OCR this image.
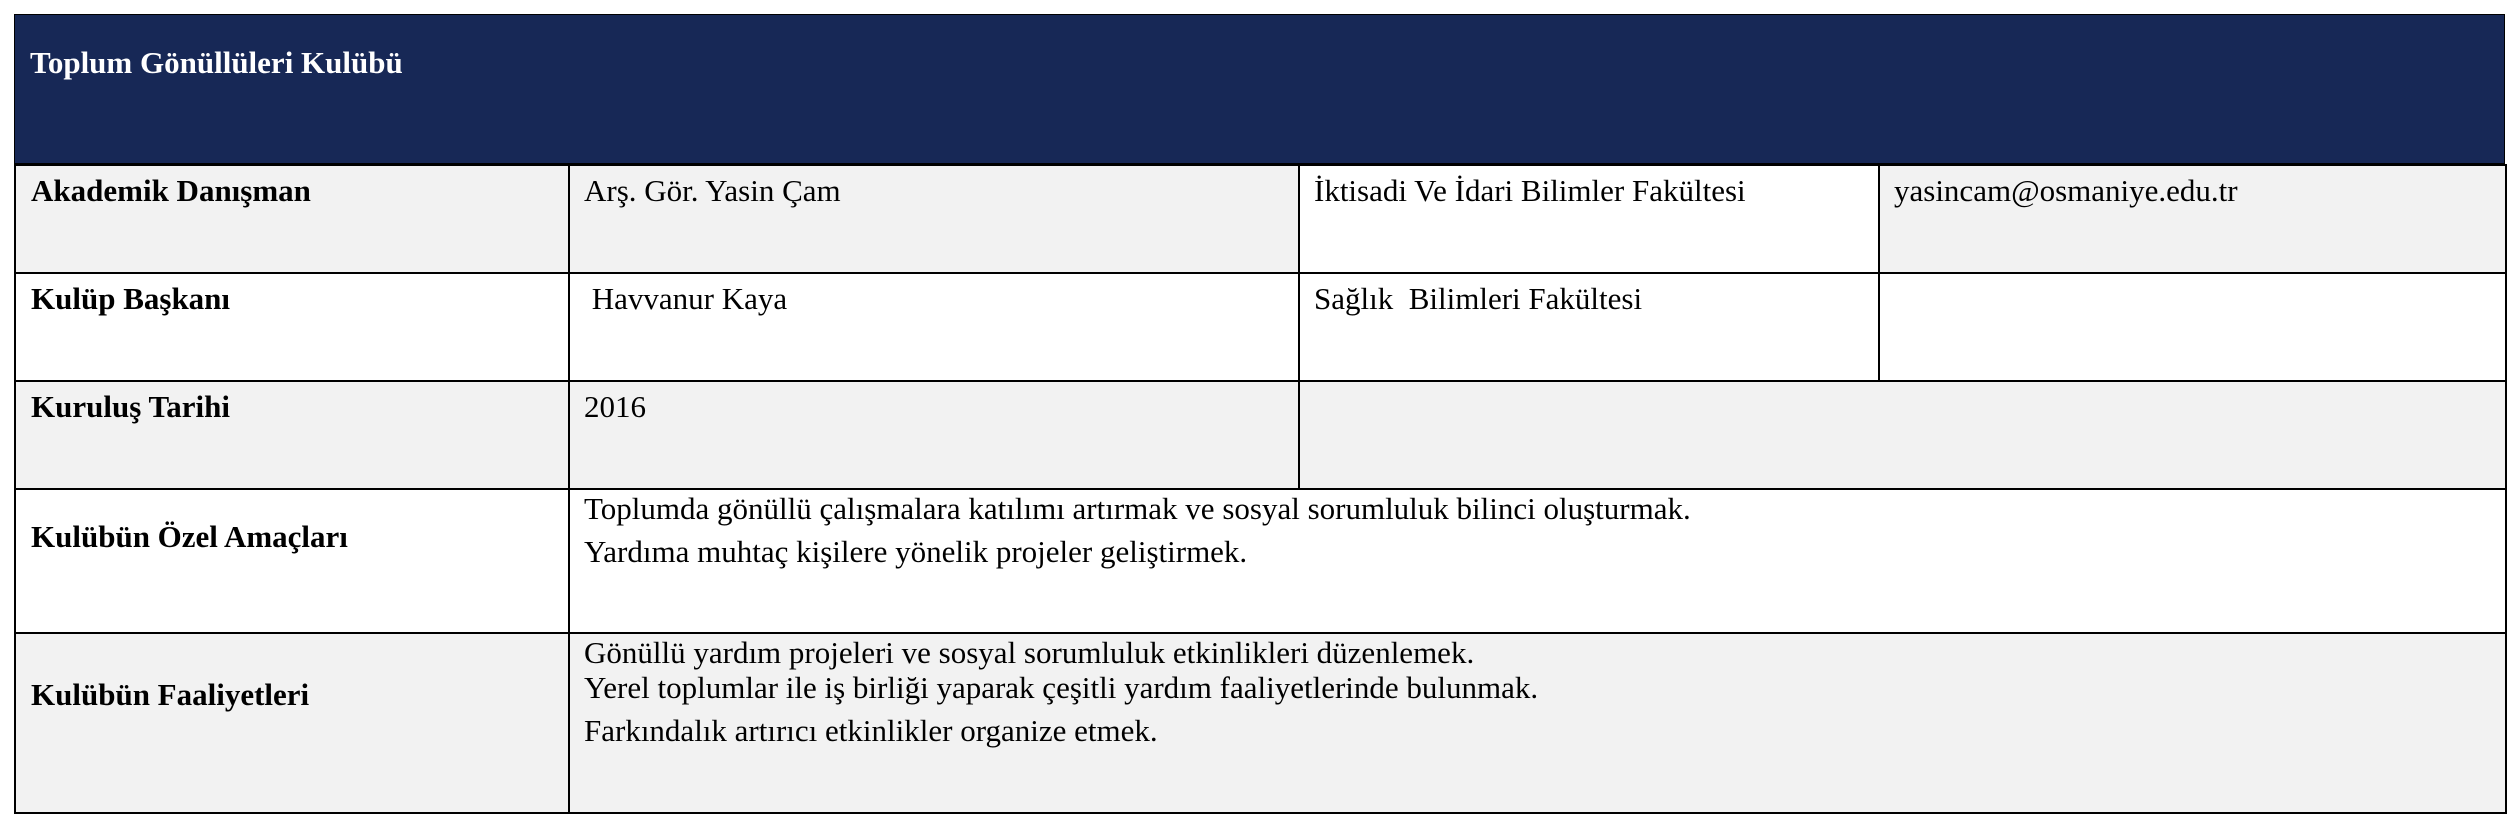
Toplum Gönüllüleri Kulübü
Akademik Danışman	Arş. Gör. Yasin Çam	İktisadi Ve İdari Bilimler Fakültesi	yasincam@osmaniye.edu.tr
Kulüp Başkanı	Havvanur Kaya	Sağlık  Bilimleri Fakültesi	
Kuruluş Tarihi	2016		
Kulübün Özel Amaçları	Toplumda gönüllü çalışmalara katılımı artırmak ve sosyal sorumluluk bilinci oluşturmak.
Yardıma muhtaç kişilere yönelik projeler geliştirmek.		

Kulübün Faaliyetleri	Gönüllü yardım projeleri ve sosyal sorumluluk etkinlikleri düzenlemek.
Yerel toplumlar ile iş birliği yaparak çeşitli yardım faaliyetlerinde bulunmak.
Farkındalık artırıcı etkinlikler organize etmek.		
